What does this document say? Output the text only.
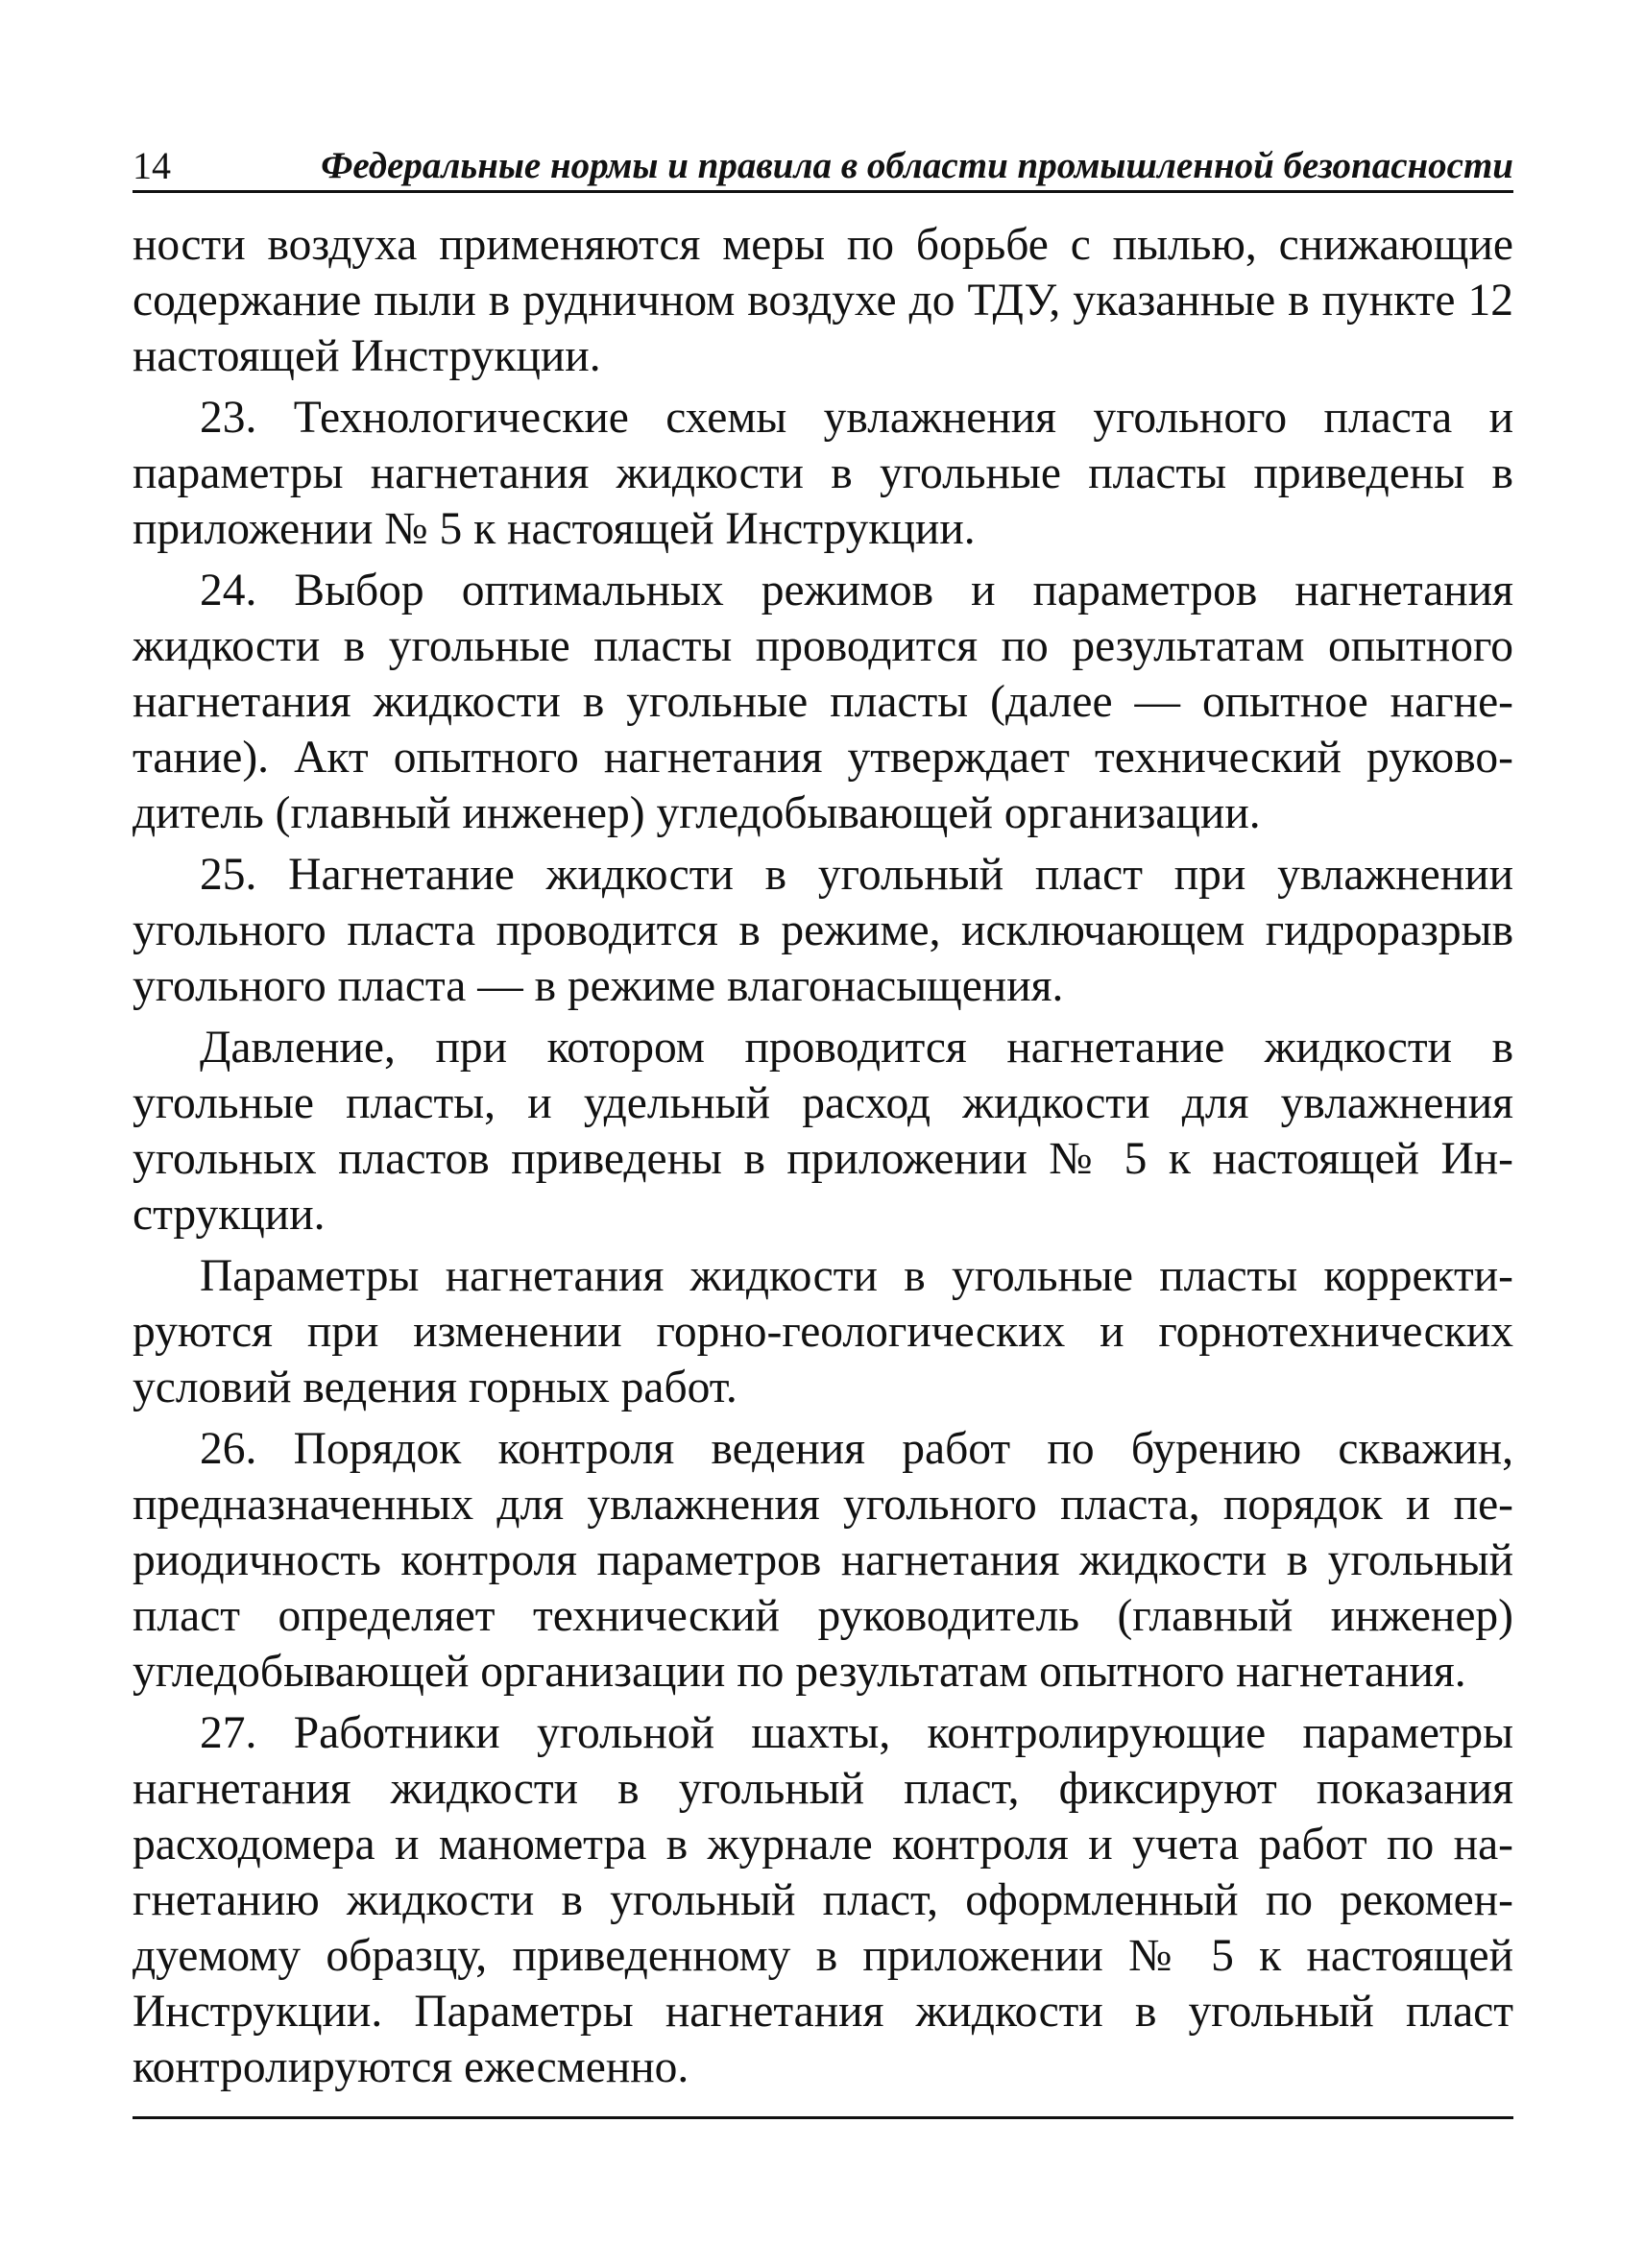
14	Федеральные нормы и правила в области промышленной безопасности

ности воздуха применяются меры по борьбе с пылью, снижающие содержание пыли в рудничном воздухе до ТДУ, указанные в пункте 12 настоящей Инструкции.

23. Технологические схемы увлажнения угольного пласта и параметры нагнетания жидкости в угольные пласты приведены в приложении № 5 к настоящей Инструкции.

24. Выбор оптимальных режимов и параметров нагнетания жидкости в угольные пласты проводится по результатам опытного нагнетания жидкости в угольные пласты (далее — опытное нагнетание). Акт опытного нагнетания утверждает технический руководитель (главный инженер) угледобывающей организации.

25. Нагнетание жидкости в угольный пласт при увлажнении угольного пласта проводится в режиме, исключающем гидроразрыв угольного пласта — в режиме влагонасыщения.

Давление, при котором проводится нагнетание жидкости в угольные пласты, и удельный расход жидкости для увлажнения угольных пластов приведены в приложении № 5 к настоящей Инструкции.

Параметры нагнетания жидкости в угольные пласты корректируются при изменении горно-геологических и горнотехнических условий ведения горных работ.

26. Порядок контроля ведения работ по бурению скважин, предназначенных для увлажнения угольного пласта, порядок и периодичность контроля параметров нагнетания жидкости в угольный пласт определяет технический руководитель (главный инженер) угледобывающей организации по результатам опытного нагнетания.

27. Работники угольной шахты, контролирующие параметры нагнетания жидкости в угольный пласт, фиксируют показания расходомера и манометра в журнале контроля и учета работ по нагнетанию жидкости в угольный пласт, оформленный по рекомендуемому образцу, приведенному в приложении № 5 к настоящей Инструкции. Параметры нагнетания жидкости в угольный пласт контролируются ежесменно.
